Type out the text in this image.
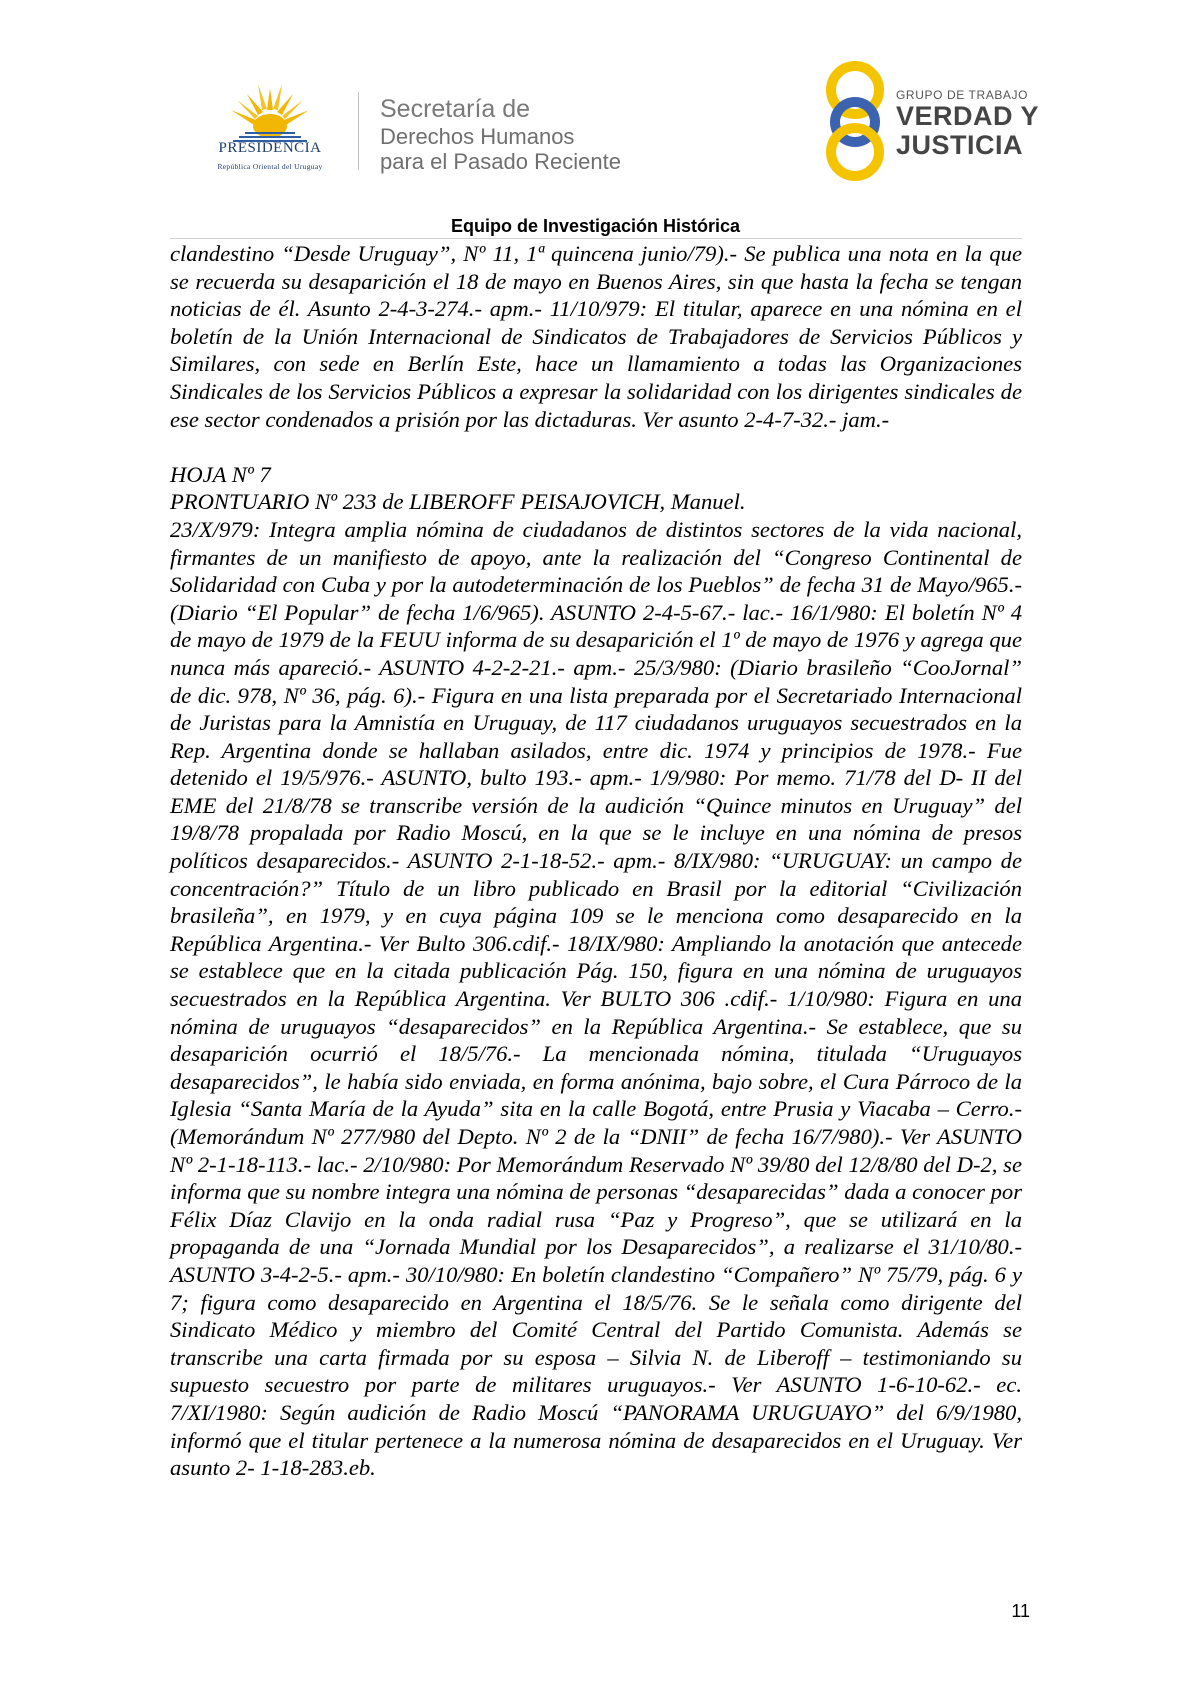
PRESIDENCIA
República Oriental del Uruguay
Secretaría de
Derechos Humanos
para el Pasado Reciente
GRUPO DE TRABAJO
VERDAD Y
JUSTICIA
Equipo de Investigación Histórica

clandestino “Desde Uruguay”, Nº 11, 1ª quincena junio/79).- Se publica una nota en la que se recuerda su desaparición el 18 de mayo en Buenos Aires, sin que hasta la fecha se tengan noticias de él. Asunto 2-4-3-274.- apm.- 11/10/979: El titular, aparece en una nómina en el boletín de la Unión Internacional de Sindicatos de Trabajadores de Servicios Públicos y Similares, con sede en Berlín Este, hace un llamamiento a todas las Organizaciones Sindicales de los Servicios Públicos a expresar la solidaridad con los dirigentes sindicales de ese sector condenados a prisión por las dictaduras. Ver asunto 2-4-7-32.- jam.-

HOJA Nº 7

PRONTUARIO Nº 233 de LIBEROFF PEISAJOVICH, Manuel.

23/X/979: Integra amplia nómina de ciudadanos de distintos sectores de la vida nacional, firmantes de un manifiesto de apoyo, ante la realización del “Congreso Continental de Solidaridad con Cuba y por la autodeterminación de los Pueblos” de fecha 31 de Mayo/965.- (Diario “El Popular” de fecha 1/6/965). ASUNTO 2-4-5-67.- lac.- 16/1/980: El boletín Nº 4 de mayo de 1979 de la FEUU informa de su desaparición el 1º de mayo de 1976 y agrega que nunca más apareció.- ASUNTO 4-2-2-21.- apm.- 25/3/980: (Diario brasileño “CooJornal” de dic. 978, Nº 36, pág. 6).- Figura en una lista preparada por el Secretariado Internacional de Juristas para la Amnistía en Uruguay, de 117 ciudadanos uruguayos secuestrados en la Rep. Argentina donde se hallaban asilados, entre dic. 1974 y principios de 1978.- Fue detenido el 19/5/976.- ASUNTO, bulto 193.- apm.- 1/9/980: Por memo. 71/78 del D- II del EME del 21/8/78 se transcribe versión de la audición “Quince minutos en Uruguay” del 19/8/78 propalada por Radio Moscú, en la que se le incluye en una nómina de presos políticos desaparecidos.- ASUNTO 2-1-18-52.- apm.- 8/IX/980: “URUGUAY: un campo de concentración?” Título de un libro publicado en Brasil por la editorial “Civilización brasileña”, en 1979, y en cuya página 109 se le menciona como desaparecido en la República Argentina.- Ver Bulto 306.cdif.- 18/IX/980: Ampliando la anotación que antecede se establece que en la citada publicación Pág. 150, figura en una nómina de uruguayos secuestrados en la República Argentina. Ver BULTO 306 .cdif.- 1/10/980: Figura en una nómina de uruguayos “desaparecidos” en la República Argentina.- Se establece, que su desaparición ocurrió el 18/5/76.- La mencionada nómina, titulada “Uruguayos desaparecidos”, le había sido enviada, en forma anónima, bajo sobre, el Cura Párroco de la Iglesia “Santa María de la Ayuda” sita en la calle Bogotá, entre Prusia y Viacaba – Cerro.- (Memorándum Nº 277/980 del Depto. Nº 2 de la “DNII” de fecha 16/7/980).- Ver ASUNTO Nº 2-1-18-113.- lac.- 2/10/980: Por Memorándum Reservado Nº 39/80 del 12/8/80 del D-2, se informa que su nombre integra una nómina de personas “desaparecidas” dada a conocer por Félix Díaz Clavijo en la onda radial rusa “Paz y Progreso”, que se utilizará en la propaganda de una “Jornada Mundial por los Desaparecidos”, a realizarse el 31/10/80.- ASUNTO 3-4-2-5.- apm.- 30/10/980: En boletín clandestino “Compañero” Nº 75/79, pág. 6 y 7; figura como desaparecido en Argentina el 18/5/76. Se le señala como dirigente del Sindicato Médico y miembro del Comité Central del Partido Comunista. Además se transcribe una carta firmada por su esposa – Silvia N. de Liberoff – testimoniando su supuesto secuestro por parte de militares uruguayos.- Ver ASUNTO 1-6-10-62.- ec. 7/XI/1980: Según audición de Radio Moscú “PANORAMA URUGUAYO” del 6/9/1980, informó que el titular pertenece a la numerosa nómina de desaparecidos en el Uruguay. Ver asunto 2- 1-18-283.eb.

11
